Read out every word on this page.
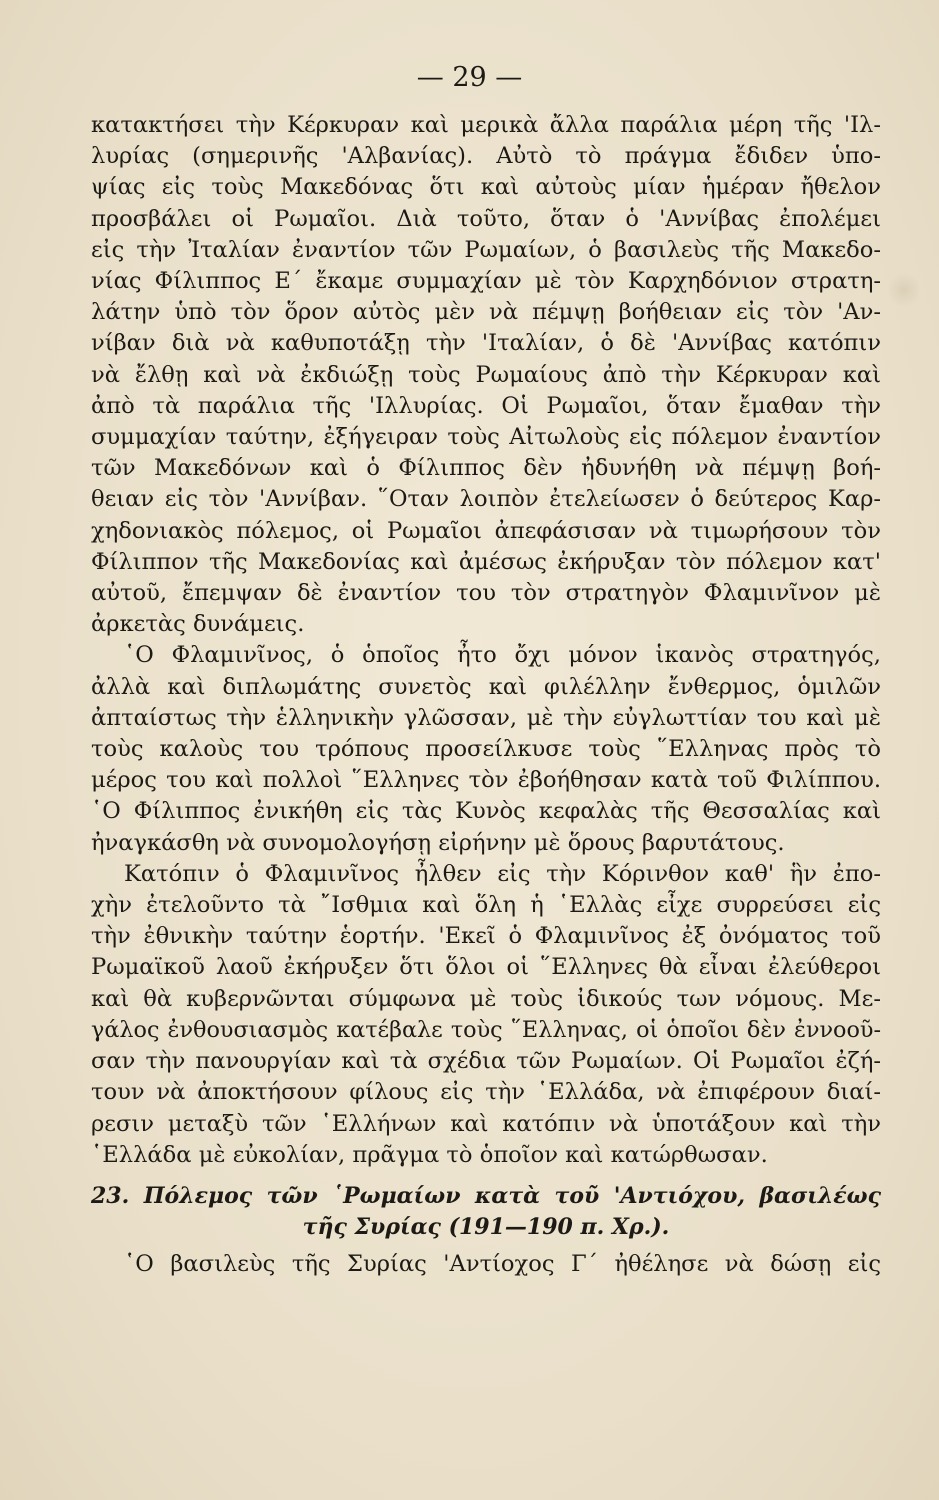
— 29 —
κατακτήσει τὴν Κέρκυραν καὶ μερικὰ ἄλλα παράλια μέρη τῆς 'Ιλ-
λυρίας (σημερινῆς 'Αλβανίας). Αὐτὸ τὸ πράγμα ἔδιδεν ὑπο-
ψίας εἰς τοὺς Μακεδόνας ὅτι καὶ αὐτοὺς μίαν ἡμέραν ἤθελον
προσβάλει οἱ Ρωμαῖοι. Διὰ τοῦτο, ὅταν ὁ 'Αννίβας ἐπολέμει
εἰς τὴν Ἰταλίαν ἐναντίον τῶν Ρωμαίων, ὁ βασιλεὺς τῆς Μακεδο-
νίας Φίλιππος Ε΄ ἔκαμε συμμαχίαν μὲ τὸν Καρχηδόνιον στρατη-
λάτην ὑπὸ τὸν ὅρον αὐτὸς μὲν νὰ πέμψῃ βοήθειαν εἰς τὸν 'Αν-
νίβαν διὰ νὰ καθυποτάξῃ τὴν 'Ιταλίαν, ὁ δὲ 'Αννίβας κατόπιν
νὰ ἔλθῃ καὶ νὰ ἐκδιώξῃ τοὺς Ρωμαίους ἀπὸ τὴν Κέρκυραν καὶ
ἀπὸ τὰ παράλια τῆς 'Ιλλυρίας. Οἱ Ρωμαῖοι, ὅταν ἔμαθαν τὴν
συμμαχίαν ταύτην, ἐξήγειραν τοὺς Αἰτωλοὺς εἰς πόλεμον ἐναντίον
τῶν Μακεδόνων καὶ ὁ Φίλιππος δὲν ἠδυνήθη νὰ πέμψῃ βοή-
θειαν εἰς τὸν 'Αννίβαν. ῞Οταν λοιπὸν ἐτελείωσεν ὁ δεύτερος Καρ-
χηδονιακὸς πόλεμος, οἱ Ρωμαῖοι ἀπεφάσισαν νὰ τιμωρήσουν τὸν
Φίλιππον τῆς Μακεδονίας καὶ ἀμέσως ἐκήρυξαν τὸν πόλεμον κατ'
αὐτοῦ, ἔπεμψαν δὲ ἐναντίον του τὸν στρατηγὸν Φλαμινῖνον μὲ
ἀρκετὰς δυνάμεις.
῾Ο Φλαμινῖνος, ὁ ὁποῖος ἦτο ὄχι μόνον ἱκανὸς στρατηγός,
ἀλλὰ καὶ διπλωμάτης συνετὸς καὶ φιλέλλην ἔνθερμος, ὁμιλῶν
ἀπταίστως τὴν ἑλληνικὴν γλῶσσαν, μὲ τὴν εὐγλωττίαν του καὶ μὲ
τοὺς καλοὺς του τρόπους προσείλκυσε τοὺς ῞Ελληνας πρὸς τὸ
μέρος του καὶ πολλοὶ ῞Ελληνες τὸν ἐβοήθησαν κατὰ τοῦ Φιλίππου.
῾Ο Φίλιππος ἐνικήθη εἰς τὰς Κυνὸς κεφαλὰς τῆς Θεσσαλίας καὶ
ἠναγκάσθη νὰ συνομολογήσῃ εἰρήνην μὲ ὅρους βαρυτάτους.
Κατόπιν ὁ Φλαμινῖνος ἦλθεν εἰς τὴν Κόρινθον καθ' ἣν ἐπο-
χὴν ἐτελοῦντο τὰ ῎Ισθμια καὶ ὅλη ἡ ῾Ελλὰς εἶχε συρρεύσει εἰς
τὴν ἐθνικὴν ταύτην ἑορτήν. 'Εκεῖ ὁ Φλαμινῖνος ἐξ ὀνόματος τοῦ
Ρωμαϊκοῦ λαοῦ ἐκήρυξεν ὅτι ὅλοι οἱ ῞Ελληνες θὰ εἶναι ἐλεύθεροι
καὶ θὰ κυβερνῶνται σύμφωνα μὲ τοὺς ἰδικούς των νόμους. Με-
γάλος ἐνθουσιασμὸς κατέβαλε τοὺς ῞Ελληνας, οἱ ὁποῖοι δὲν ἐννοοῦ-
σαν τὴν πανουργίαν καὶ τὰ σχέδια τῶν Ρωμαίων. Οἱ Ρωμαῖοι ἐζή-
τουν νὰ ἀποκτήσουν φίλους εἰς τὴν ῾Ελλάδα, νὰ ἐπιφέρουν διαί-
ρεσιν μεταξὺ τῶν ῾Ελλήνων καὶ κατόπιν νὰ ὑποτάξουν καὶ τὴν
῾Ελλάδα μὲ εὐκολίαν, πρᾶγμα τὸ ὁποῖον καὶ κατώρθωσαν.
23. Πόλεμος τῶν ῾Ρωμαίων κατὰ τοῦ 'Αντιόχου, βασιλέως
τῆς Συρίας (191—190 π. Χρ.).
῾Ο βασιλεὺς τῆς Συρίας 'Αντίοχος Γ΄ ἠθέλησε νὰ δώσῃ εἰς
